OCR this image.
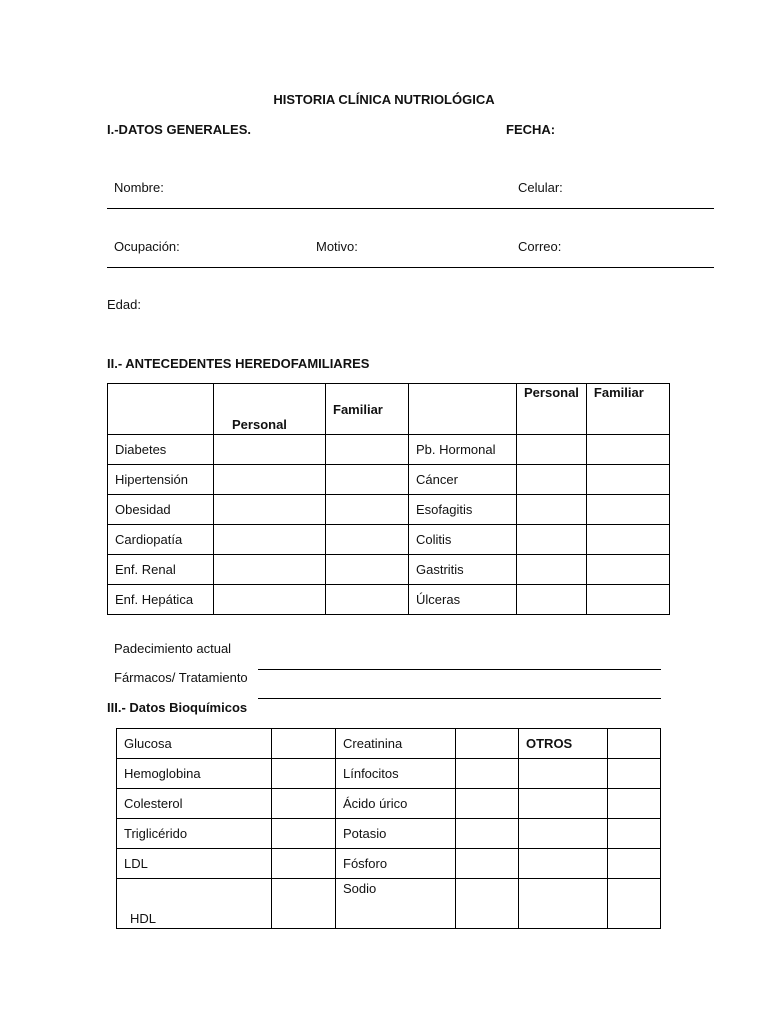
HISTORIA CLÍNICA NUTRIOLÓGICA
I.-DATOS GENERALES.	FECHA:
Nombre:	Celular:
Ocupación:	Motivo:	Correo:
Edad:
II.- ANTECEDENTES HEREDOFAMILIARES
	Personal	Familiar		Personal	Familiar
Diabetes			Pb. Hormonal		
Hipertensión			Cáncer		
Obesidad			Esofagitis		
Cardiopatía			Colitis		
Enf. Renal			Gastritis		
Enf. Hepática			Úlceras		
Padecimiento actual
Fármacos/ Tratamiento
III.- Datos Bioquímicos
Glucosa		Creatinina		OTROS	
Hemoglobina		Línfocitos			
Colesterol		Ácido úrico			
Triglicérido		Potasio			
LDL		Fósforo			
HDL		Sodio			
